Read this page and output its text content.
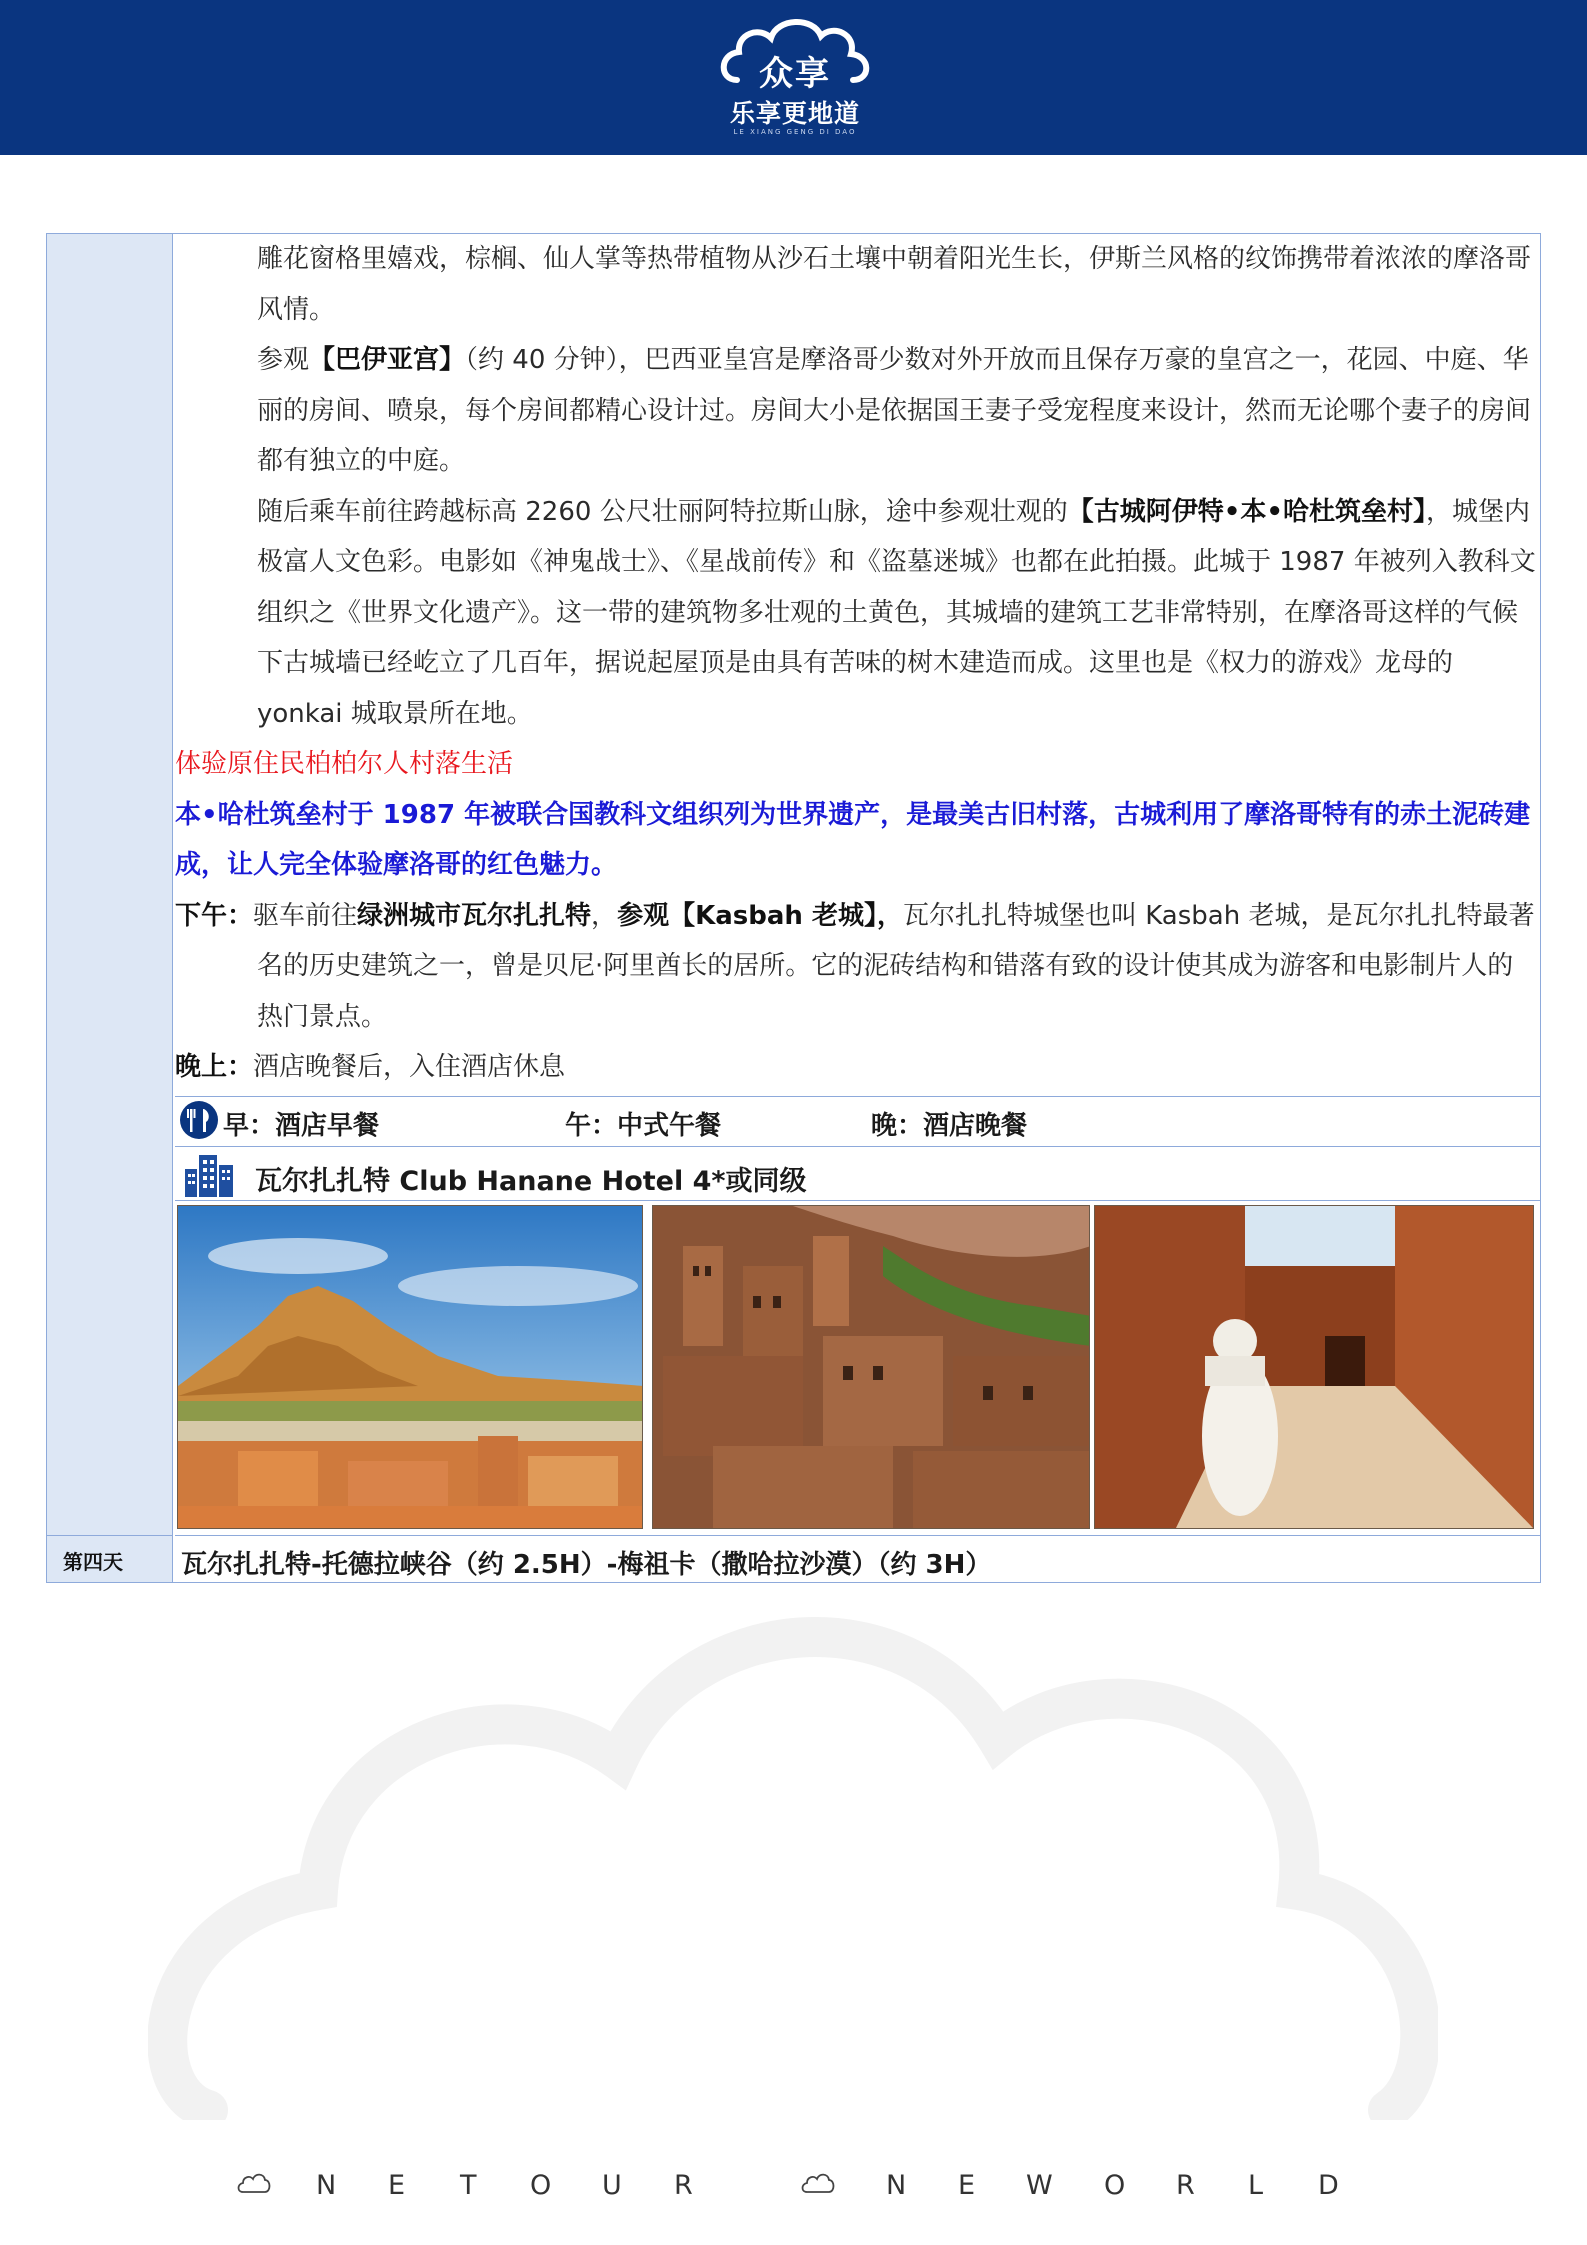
众享
乐享更地道
LE XIANG GENG DI DAO

雕花窗格里嬉戏，棕榈、仙人掌等热带植物从沙石土壤中朝着阳光生长，伊斯兰风格的纹饰携带着浓浓的摩洛哥风情。

参观【巴伊亚宫】（约 40 分钟），巴西亚皇宫是摩洛哥少数对外开放而且保存万豪的皇宫之一，花园、中庭、华丽的房间、喷泉，每个房间都精心设计过。房间大小是依据国王妻子受宠程度来设计，然而无论哪个妻子的房间都有独立的中庭。

随后乘车前往跨越标高 2260 公尺壮丽阿特拉斯山脉，途中参观壮观的【古城阿伊特•本•哈杜筑垒村】，城堡内极富人文色彩。电影如《神鬼战士》、《星战前传》和《盗墓迷城》也都在此拍摄。此城于 1987 年被列入教科文组织之《世界文化遗产》。这一带的建筑物多壮观的土黄色，其城墙的建筑工艺非常特别，在摩洛哥这样的气候下古城墙已经屹立了几百年，据说起屋顶是由具有苦味的树木建造而成。这里也是《权力的游戏》龙母的 yonkai 城取景所在地。

体验原住民柏柏尔人村落生活

本•哈杜筑垒村于 1987 年被联合国教科文组织列为世界遗产，是最美古旧村落，古城利用了摩洛哥特有的赤土泥砖建成，让人完全体验摩洛哥的红色魅力。

下午：驱车前往绿洲城市瓦尔扎扎特，参观【Kasbah 老城】，瓦尔扎扎特城堡也叫 Kasbah 老城，是瓦尔扎扎特最著名的历史建筑之一，曾是贝尼·阿里酋长的居所。它的泥砖结构和错落有致的设计使其成为游客和电影制片人的热门景点。

晚上：酒店晚餐后，入住酒店休息

早：酒店早餐	午：中式午餐	晚：酒店晚餐
瓦尔扎扎特 Club Hanane Hotel 4*或同级
第四天 瓦尔扎扎特-托德拉峡谷（约 2.5H）-梅祖卡（撒哈拉沙漠）（约 3H）
N E T O U R	N E W O R L D
